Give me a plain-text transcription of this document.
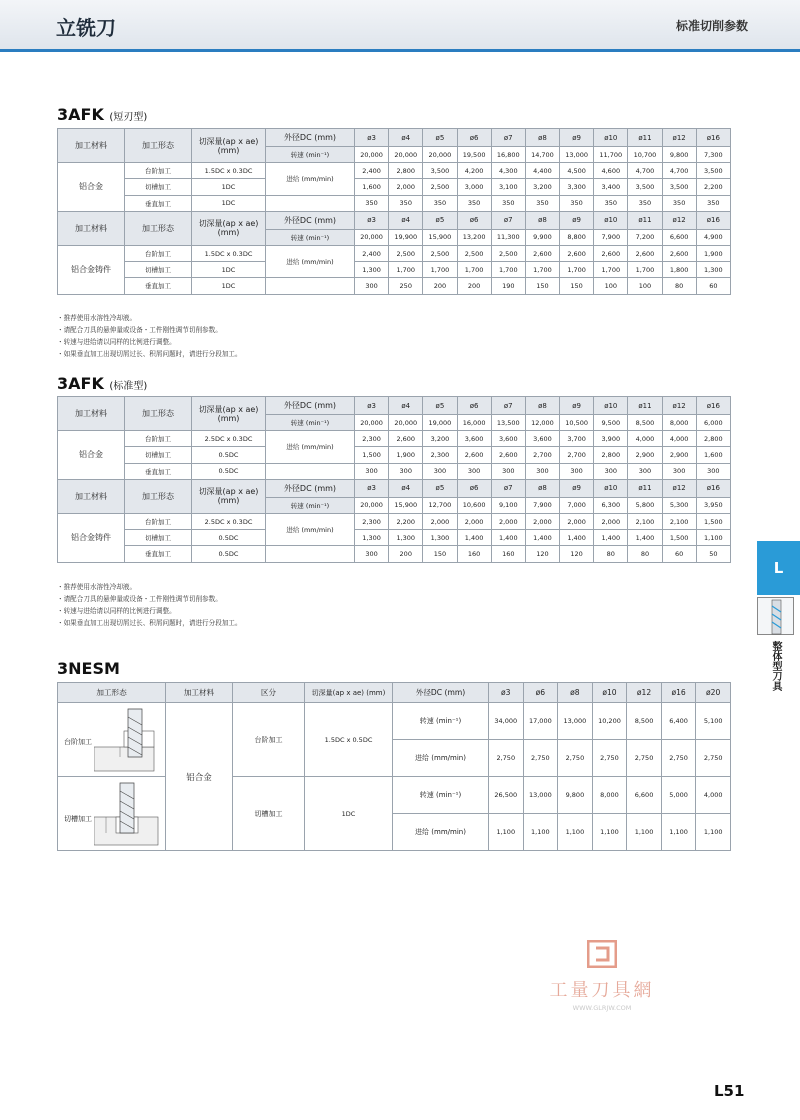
立铣刀	标准切削参数
3AFK (短刃型)
加工材料	加工形态	切深量(ap x ae)
(mm)	外径DC (mm)	ø3	ø4	ø5	ø6	ø7	ø8	ø9	ø10	ø11	ø12	ø16
			转速 (min⁻¹)	20,000	20,000	20,000	19,500	16,800	14,700	13,000	11,700	10,700	9,800	7,300
铝合金	台阶加工	1.5DC x 0.3DC	进给 (mm/min)	2,400	2,800	3,500	4,200	4,300	4,400	4,500	4,600	4,700	4,700	3,500
	切槽加工	1DC		1,600	2,000	2,500	3,000	3,100	3,200	3,300	3,400	3,500	3,500	2,200
	垂直加工	1DC		350	350	350	350	350	350	350	350	350	350	350
加工材料	加工形态	切深量(ap x ae)
(mm)	外径DC (mm)	ø3	ø4	ø5	ø6	ø7	ø8	ø9	ø10	ø11	ø12	ø16
			转速 (min⁻¹)	20,000	19,900	15,900	13,200	11,300	9,900	8,800	7,900	7,200	6,600	4,900
铝合金铸件	台阶加工	1.5DC x 0.3DC	进给 (mm/min)	2,400	2,500	2,500	2,500	2,500	2,600	2,600	2,600	2,600	2,600	1,900
	切槽加工	1DC		1,300	1,700	1,700	1,700	1,700	1,700	1,700	1,700	1,700	1,800	1,300
	垂直加工	1DC		300	250	200	200	190	150	150	100	100	80	60
・推荐使用水溶性冷却液。
・请配合刀具的悬伸量或设备・工件刚性调节切削参数。
・转速与进给请以同样的比例进行调整。
・如果垂直加工出现切屑过长、积屑问题时，请进行分段加工。
3AFK (标准型)
加工材料	加工形态	切深量(ap x ae)
(mm)	外径DC (mm)	ø3	ø4	ø5	ø6	ø7	ø8	ø9	ø10	ø11	ø12	ø16
			转速 (min⁻¹)	20,000	20,000	19,000	16,000	13,500	12,000	10,500	9,500	8,500	8,000	6,000
铝合金	台阶加工	2.5DC x 0.3DC	进给 (mm/min)	2,300	2,600	3,200	3,600	3,600	3,600	3,700	3,900	4,000	4,000	2,800
	切槽加工	0.5DC		1,500	1,900	2,300	2,600	2,600	2,700	2,700	2,800	2,900	2,900	1,600
	垂直加工	0.5DC		300	300	300	300	300	300	300	300	300	300	300
加工材料	加工形态	切深量(ap x ae)
(mm)	外径DC (mm)	ø3	ø4	ø5	ø6	ø7	ø8	ø9	ø10	ø11	ø12	ø16
			转速 (min⁻¹)	20,000	15,900	12,700	10,600	9,100	7,900	7,000	6,300	5,800	5,300	3,950
铝合金铸件	台阶加工	2.5DC x 0.3DC	进给 (mm/min)	2,300	2,200	2,000	2,000	2,000	2,000	2,000	2,000	2,100	2,100	1,500
	切槽加工	0.5DC		1,300	1,300	1,300	1,400	1,400	1,400	1,400	1,400	1,400	1,500	1,100
	垂直加工	0.5DC		300	200	150	160	160	120	120	80	80	60	50
・推荐使用水溶性冷却液。
・请配合刀具的悬伸量或设备・工件刚性调节切削参数。
・转速与进给请以同样的比例进行调整。
・如果垂直加工出现切屑过长、积屑问题时，请进行分段加工。
3NESM
加工形态	加工材料	区分	切深量(ap x ae) (mm)	外径DC (mm)	ø3	ø6	ø8	ø10	ø12	ø16	ø20

台阶加工	铝合金	台阶加工	1.5DC x 0.5DC	转速 (min⁻¹)	34,000	17,000	13,000	10,200	8,500	6,400	5,100
				进给 (mm/min)	2,750	2,750	2,750	2,750	2,750	2,750	2,750

切槽加工		切槽加工	1DC	转速 (min⁻¹)	26,500	13,000	9,800	8,000	6,600	5,000	4,000
				进给 (mm/min)	1,100	1,100	1,100	1,100	1,100	1,100	1,100
L
整体型刀具
工量刀具網
WWW.GLRJW.COM
L51
